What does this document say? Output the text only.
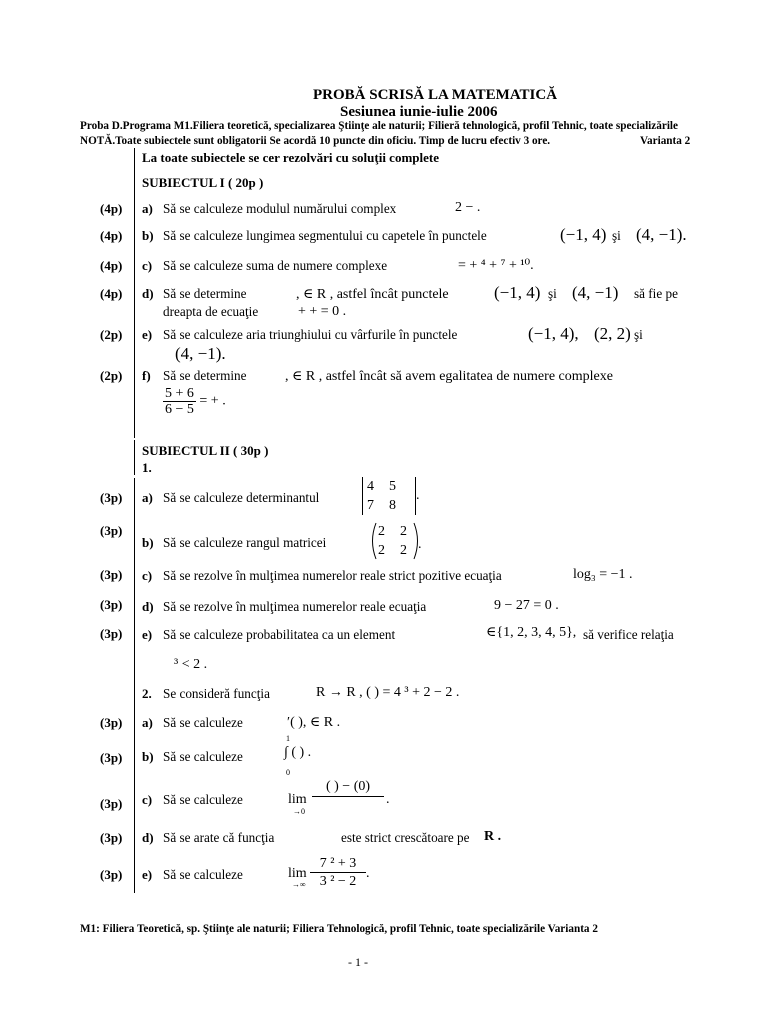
PROBĂ SCRISĂ LA MATEMATICĂ
Sesiunea iunie-iulie 2006
Proba D.Programa M1.Filiera teoretică, specializarea Ştiinţe ale naturii; Filieră tehnologică, profil Tehnic, toate specializările
NOTĂ.Toate subiectele sunt obligatorii Se acordă 10 puncte din oficiu. Timp de lucru efectiv 3 ore.	Varianta 2
La toate subiectele se cer rezolvări cu soluţii complete
SUBIECTUL I ( 20p )
(4p) a) Să se calculeze modulul numărului complex	2 − .
(4p) b) Să se calculeze lungimea segmentului cu capetele în punctele	(−1, 4) şi (4, −1).
(4p) c) Să se calculeze suma de numere complexe	= + ⁴ + ⁷ + ¹⁰.
(4p) d) Să se determine	, ∈ R , astfel încât punctele	(−1, 4) şi (4, −1) să fie pe
dreapta de ecuaţie	+ + = 0 .
(2p) e) Să se calculeze aria triunghiului cu vârfurile în punctele	(−1, 4), (2, 2) şi
(4, −1).
(2p) f) Să se determine	, ∈ R , astfel încât să avem egalitatea de numere complexe
$\frac{5 + 6}{6 - 5}$ = + .
SUBIECTUL II ( 30p )
1.
(3p) a) Să se calculeze determinantul
4 5
7 8.
(3p)
b) Să se calculeze rangul matricei
2 2
2 2 .
(3p) c) Să se rezolve în mulţimea numerelor reale strict pozitive ecuaţia	log₃ = −1 .
(3p) d) Să se rezolve în mulţimea numerelor reale ecuaţia	9 − 27 = 0 .
(3p) e) Să se calculeze probabilitatea ca un element	∈{1, 2, 3, 4, 5}, să verifice relaţia
³ < 2 .
2. Se consideră funcţia	R → R , ( ) = 4 ³ + 2 − 2 .
(3p) a) Să se calculeze	′( ), ∈ R .
(3p) b) Să se calculeze
1
0
∫ ( ) .
(3p) c) Să se calculeze	lim
→0
( ) − (0)
.
(3p) d) Să se arate că funcţia	este strict crescătoare pe R .
(3p) e) Să se calculeze	lim
→∞
7 ² + 3
3 ² − 2
.
M1: Filiera Teoretică, sp. Ştiinţe ale naturii; Filiera Tehnologică, profil Tehnic, toate specializările Varianta 2
- 1 -
